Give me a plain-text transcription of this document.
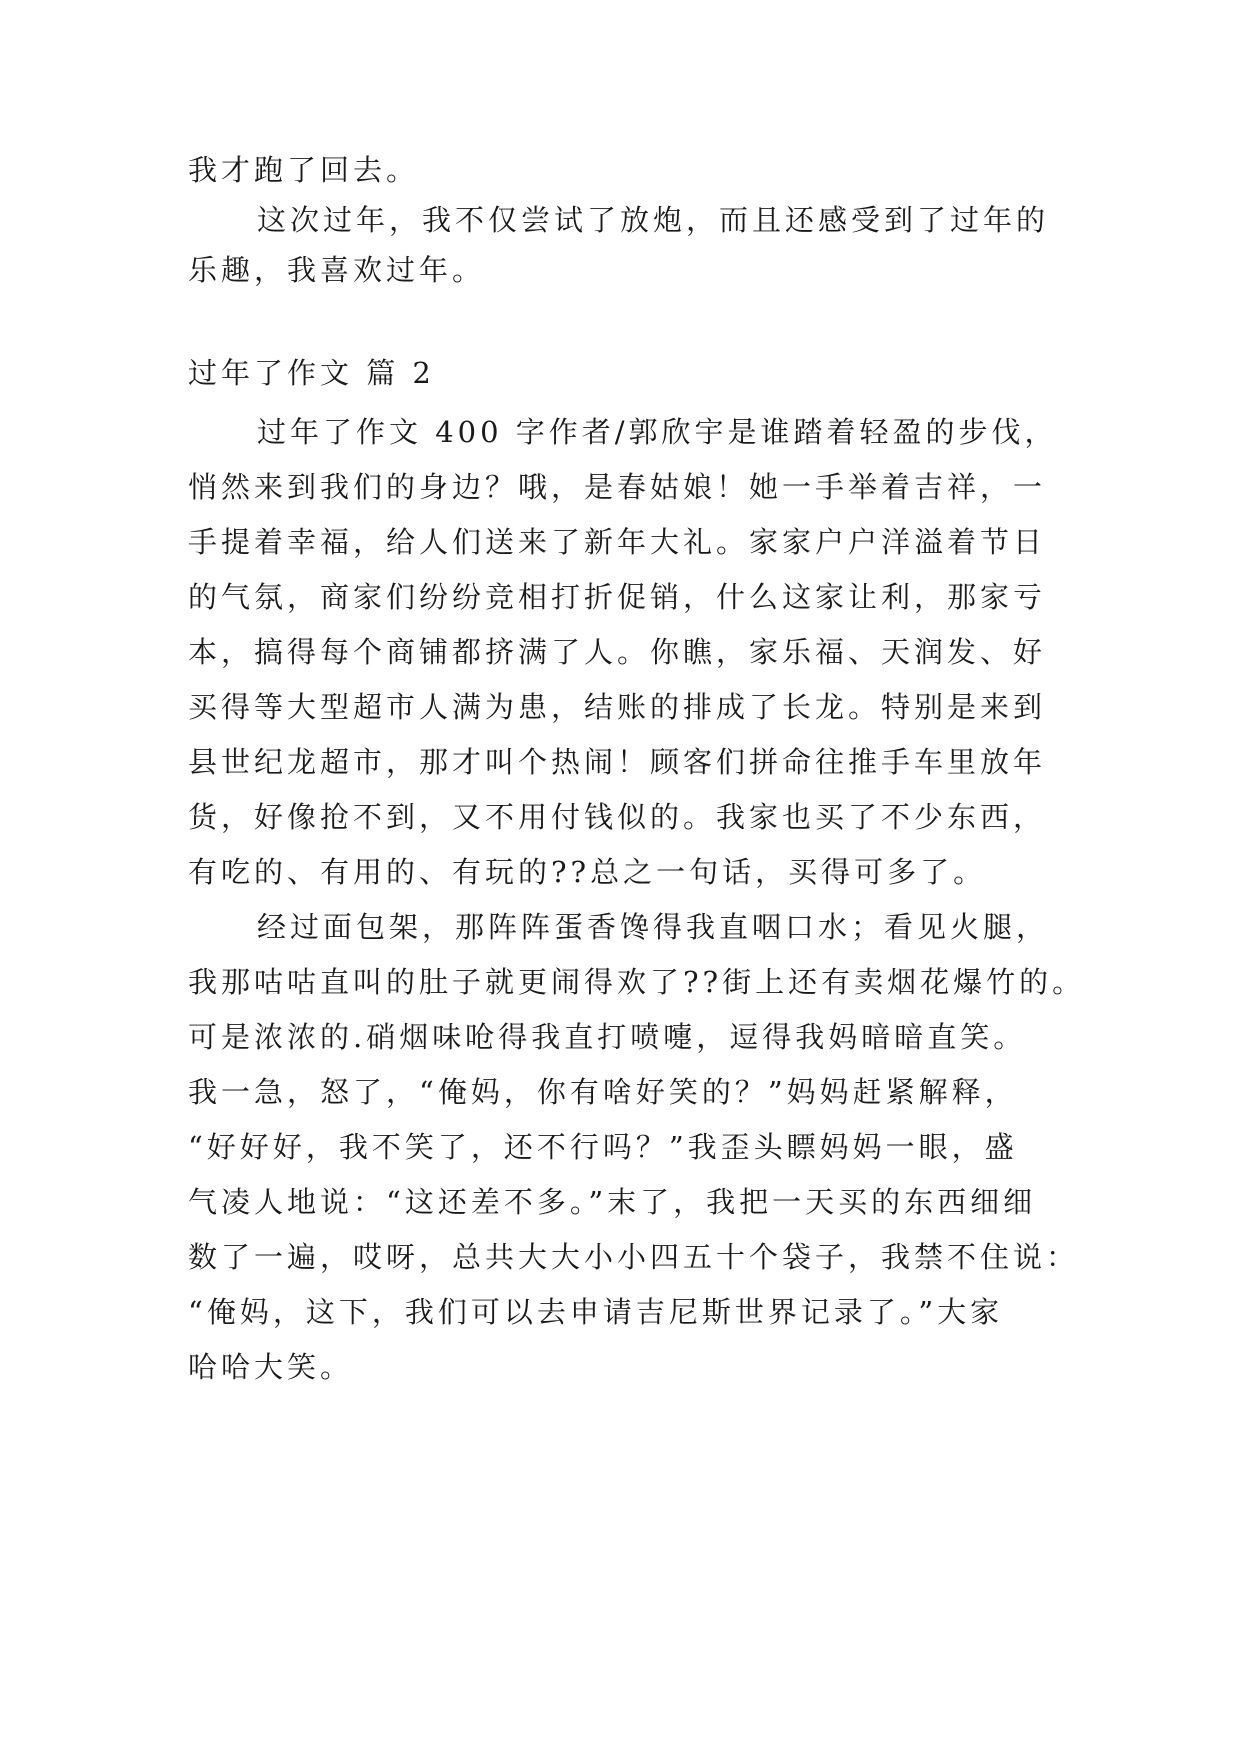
我才跑了回去。
这次过年，我不仅尝试了放炮，而且还感受到了过年的
乐趣，我喜欢过年。
过年了作文 篇 2
过年了作文 400 字作者/郭欣宇是谁踏着轻盈的步伐，
悄然来到我们的身边？哦，是春姑娘！她一手举着吉祥，一
手提着幸福，给人们送来了新年大礼。家家户户洋溢着节日
的气氛，商家们纷纷竞相打折促销，什么这家让利，那家亏
本，搞得每个商铺都挤满了人。你瞧，家乐福、天润发、好
买得等大型超市人满为患，结账的排成了长龙。特别是来到
县世纪龙超市，那才叫个热闹！顾客们拼命往推手车里放年
货，好像抢不到，又不用付钱似的。我家也买了不少东西，
有吃的、有用的、有玩的??总之一句话，买得可多了。
经过面包架，那阵阵蛋香馋得我直咽口水；看见火腿，
我那咕咕直叫的肚子就更闹得欢了??街上还有卖烟花爆竹的。
可是浓浓的.硝烟味呛得我直打喷嚏，逗得我妈暗暗直笑。
我一急，怒了，“俺妈，你有啥好笑的？”妈妈赶紧解释，
“好好好，我不笑了，还不行吗？”我歪头瞟妈妈一眼，盛
气凌人地说：“这还差不多。”末了，我把一天买的东西细细
数了一遍，哎呀，总共大大小小四五十个袋子，我禁不住说：
“俺妈，这下，我们可以去申请吉尼斯世界记录了。”大家
哈哈大笑。
